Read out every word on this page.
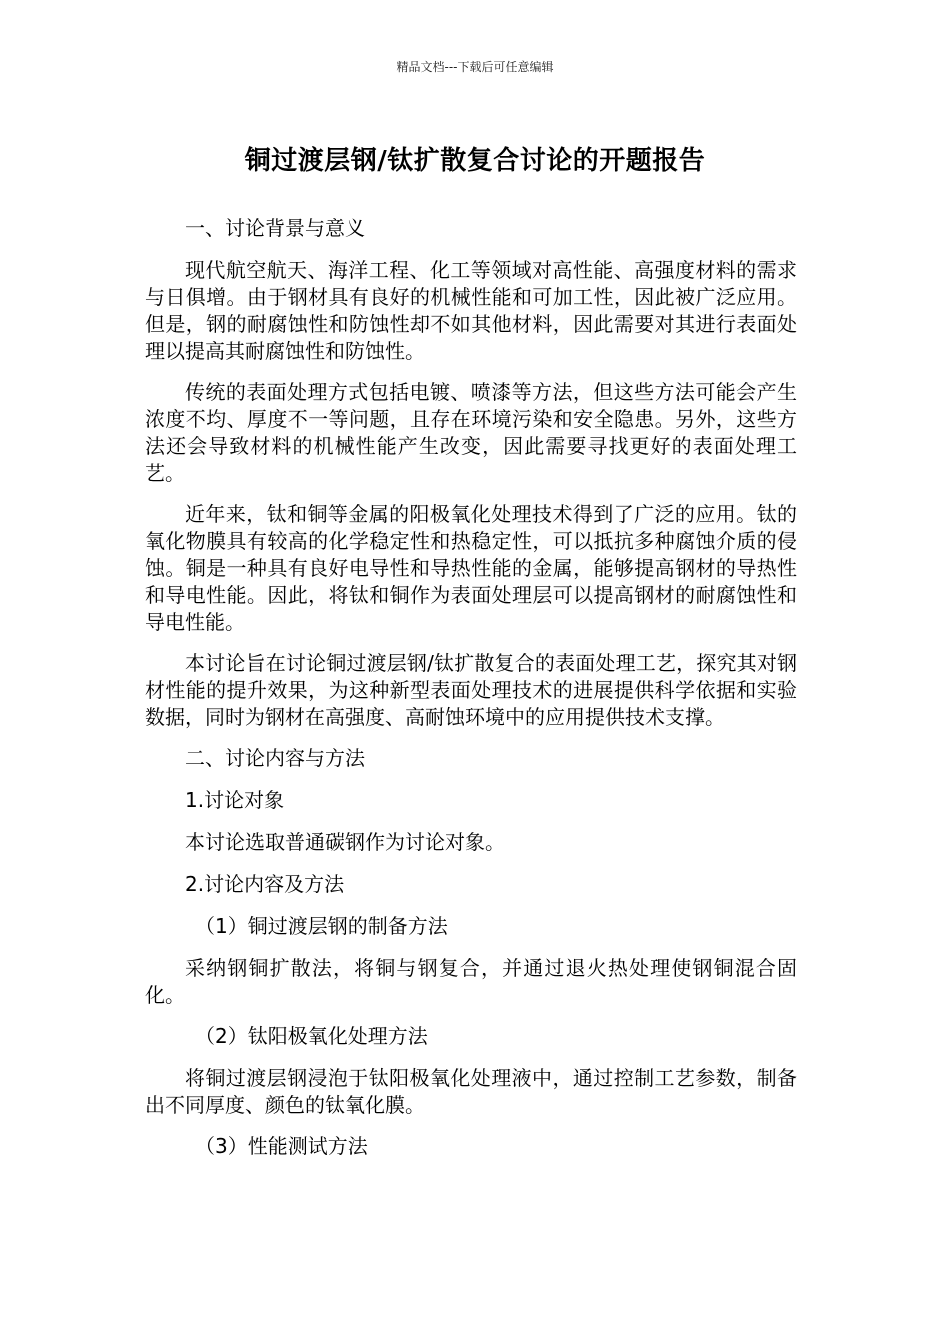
精品文档---下载后可任意编辑
铜过渡层钢/钛扩散复合讨论的开题报告

一、讨论背景与意义

现代航空航天、海洋工程、化工等领域对高性能、高强度材料的需求与日俱增。由于钢材具有良好的机械性能和可加工性，因此被广泛应用。但是，钢的耐腐蚀性和防蚀性却不如其他材料，因此需要对其进行表面处理以提高其耐腐蚀性和防蚀性。

传统的表面处理方式包括电镀、喷漆等方法，但这些方法可能会产生浓度不均、厚度不一等问题，且存在环境污染和安全隐患。另外，这些方法还会导致材料的机械性能产生改变，因此需要寻找更好的表面处理工艺。

近年来，钛和铜等金属的阳极氧化处理技术得到了广泛的应用。钛的氧化物膜具有较高的化学稳定性和热稳定性，可以抵抗多种腐蚀介质的侵蚀。铜是一种具有良好电导性和导热性能的金属，能够提高钢材的导热性和导电性能。因此，将钛和铜作为表面处理层可以提高钢材的耐腐蚀性和导电性能。

本讨论旨在讨论铜过渡层钢/钛扩散复合的表面处理工艺，探究其对钢材性能的提升效果，为这种新型表面处理技术的进展提供科学依据和实验数据，同时为钢材在高强度、高耐蚀环境中的应用提供技术支撑。

二、讨论内容与方法

1.讨论对象

本讨论选取普通碳钢作为讨论对象。

2.讨论内容及方法

（1）铜过渡层钢的制备方法

采纳钢铜扩散法，将铜与钢复合，并通过退火热处理使钢铜混合固化。

（2）钛阳极氧化处理方法

将铜过渡层钢浸泡于钛阳极氧化处理液中，通过控制工艺参数，制备出不同厚度、颜色的钛氧化膜。

（3）性能测试方法
